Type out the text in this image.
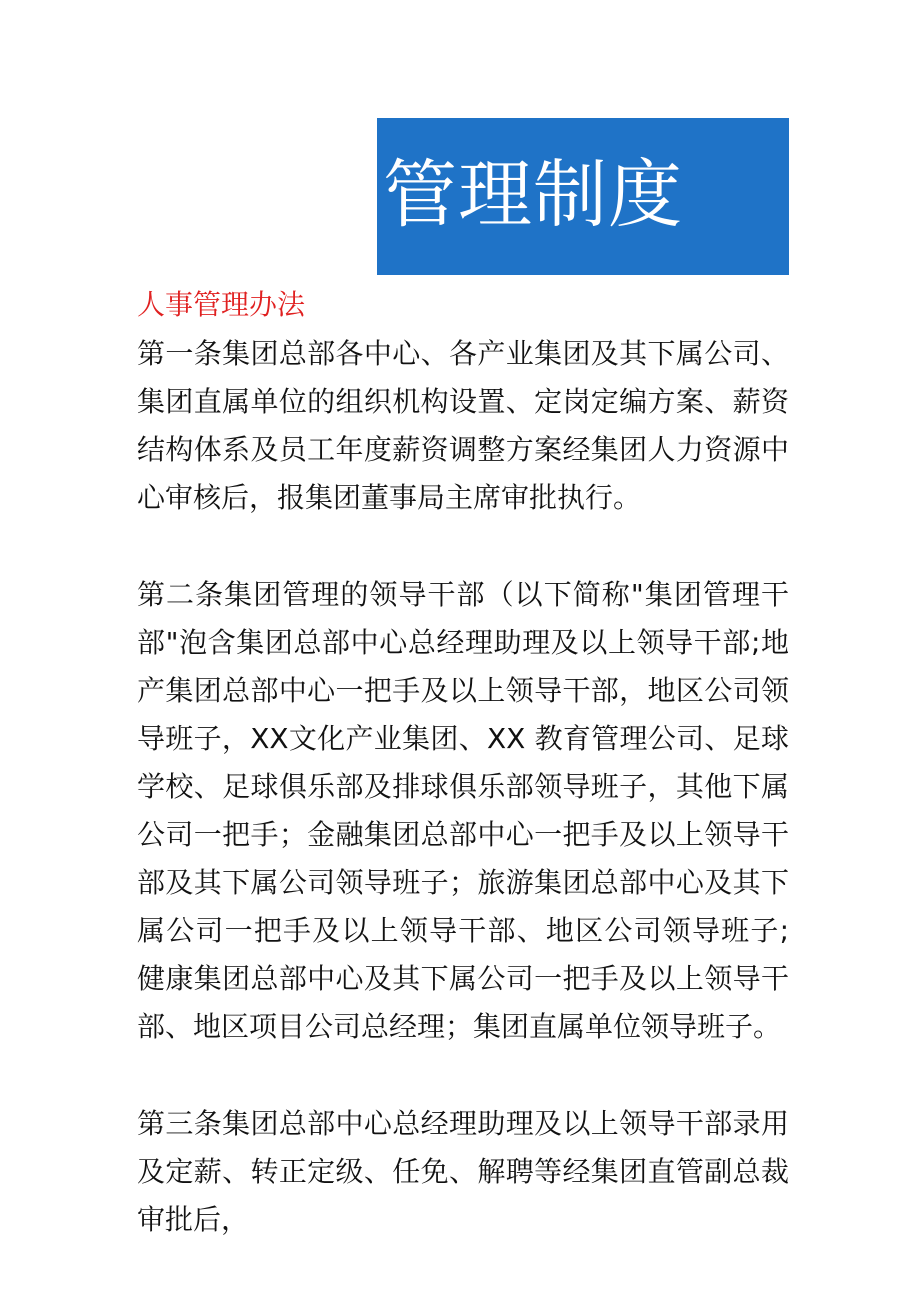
管理制度

人事管理办法

第一条集团总部各中心、各产业集团及其下属公司、集团直属单位的组织机构设置、定岗定编方案、薪资结构体系及员工年度薪资调整方案经集团人力资源中心审核后，报集团董事局主席审批执行。

第二条集团管理的领导干部（以下简称"集团管理干部"泡含集团总部中心总经理助理及以上领导干部;地产集团总部中心一把手及以上领导干部，地区公司领导班子，XX文化产业集团、XX 教育管理公司、足球学校、足球俱乐部及排球俱乐部领导班子，其他下属公司一把手；金融集团总部中心一把手及以上领导干部及其下属公司领导班子；旅游集团总部中心及其下属公司一把手及以上领导干部、地区公司领导班子;健康集团总部中心及其下属公司一把手及以上领导干部、地区项目公司总经理；集团直属单位领导班子。

第三条集团总部中心总经理助理及以上领导干部录用及定薪、转正定级、任免、解聘等经集团直管副总裁审批后，
